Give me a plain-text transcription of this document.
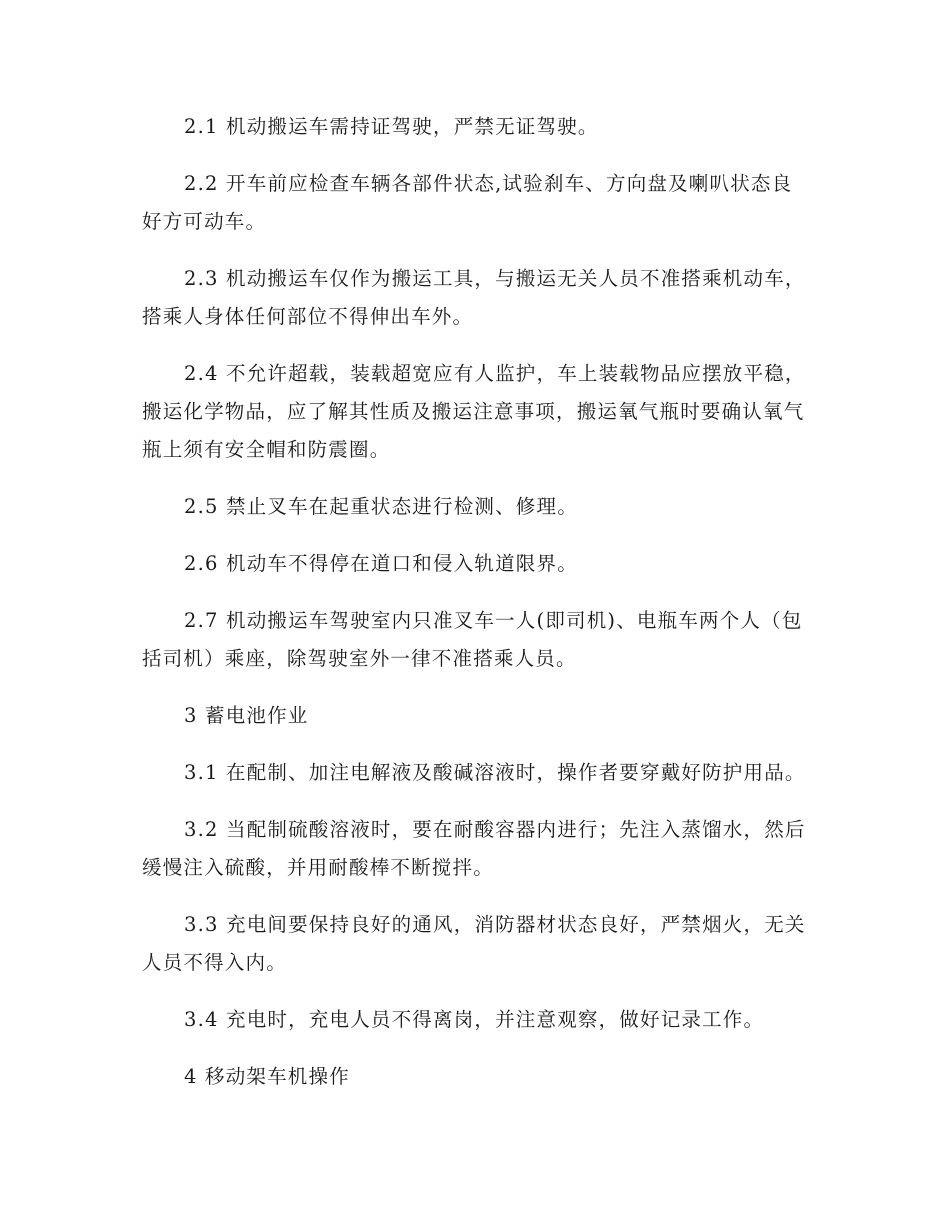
2.1 机动搬运车需持证驾驶，严禁无证驾驶。

2.2 开车前应检查车辆各部件状态,试验刹车、方向盘及喇叭状态良好方可动车。

2.3 机动搬运车仅作为搬运工具，与搬运无关人员不准搭乘机动车，搭乘人身体任何部位不得伸出车外。

2.4 不允许超载，装载超宽应有人监护，车上装载物品应摆放平稳，搬运化学物品，应了解其性质及搬运注意事项，搬运氧气瓶时要确认氧气瓶上须有安全帽和防震圈。

2.5 禁止叉车在起重状态进行检测、修理。

2.6 机动车不得停在道口和侵入轨道限界。

2.7 机动搬运车驾驶室内只准叉车一人(即司机)、电瓶车两个人（包括司机）乘座，除驾驶室外一律不准搭乘人员。

3 蓄电池作业

3.1 在配制、加注电解液及酸碱溶液时，操作者要穿戴好防护用品。

3.2 当配制硫酸溶液时，要在耐酸容器内进行；先注入蒸馏水，然后缓慢注入硫酸，并用耐酸棒不断搅拌。

3.3 充电间要保持良好的通风，消防器材状态良好，严禁烟火，无关人员不得入内。

3.4 充电时，充电人员不得离岗，并注意观察，做好记录工作。

4 移动架车机操作
